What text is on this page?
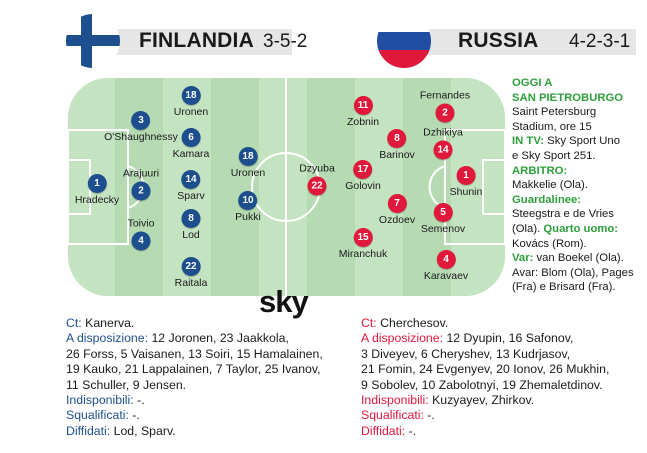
FINLANDIA 3-5-2	RUSSIA 4-2-3-1
1
Hradecky
3
O'Shaughnessy
2
Arajuuri
4
Toivio
18
Uronen
6
Kamara
14
Sparv
8
Lod
22
Raitala
18
Uronen
10
Pukki
1
Shunin
2
Fernandes
14
Dzhikiya
5
Semenov
4
Karavaev
8
Barinov
7
Ozdoev
11
Zobnin
17
Golovin
15
Miranchuk
22
Dzyuba
sky
OGGI A
SAN PIETROBURGO
Saint Petersburg
Stadium, ore 15
IN TV: Sky Sport Uno
e Sky Sport 251.
ARBITRO:
Makkelie (Ola).
Guardalinee:
Steegstra e de Vries
(Ola). Quarto uomo:
Kovács (Rom).
Var: van Boekel (Ola).
Avar: Blom (Ola), Pages
(Fra) e Brisard (Fra).
Ct: Kanerva.
A disposizione: 12 Joronen, 23 Jaakkola,
26 Forss, 5 Vaisanen, 13 Soiri, 15 Hamalainen,
19 Kauko, 21 Lappalainen, 7 Taylor, 25 Ivanov,
11 Schuller, 9 Jensen.
Indisponibili: -.
Squalificati: -.
Diffidati: Lod, Sparv.
Ct: Cherchesov.
A disposizione: 12 Dyupin, 16 Safonov,
3 Diveyev, 6 Cheryshev, 13 Kudrjasov,
21 Fomin, 24 Evgenyev, 20 Ionov, 26 Mukhin,
9 Sobolev, 10 Zabolotnyi, 19 Zhemaletdinov.
Indisponibili: Kuzyayev, Zhirkov.
Squalificati: -.
Diffidati: -.
